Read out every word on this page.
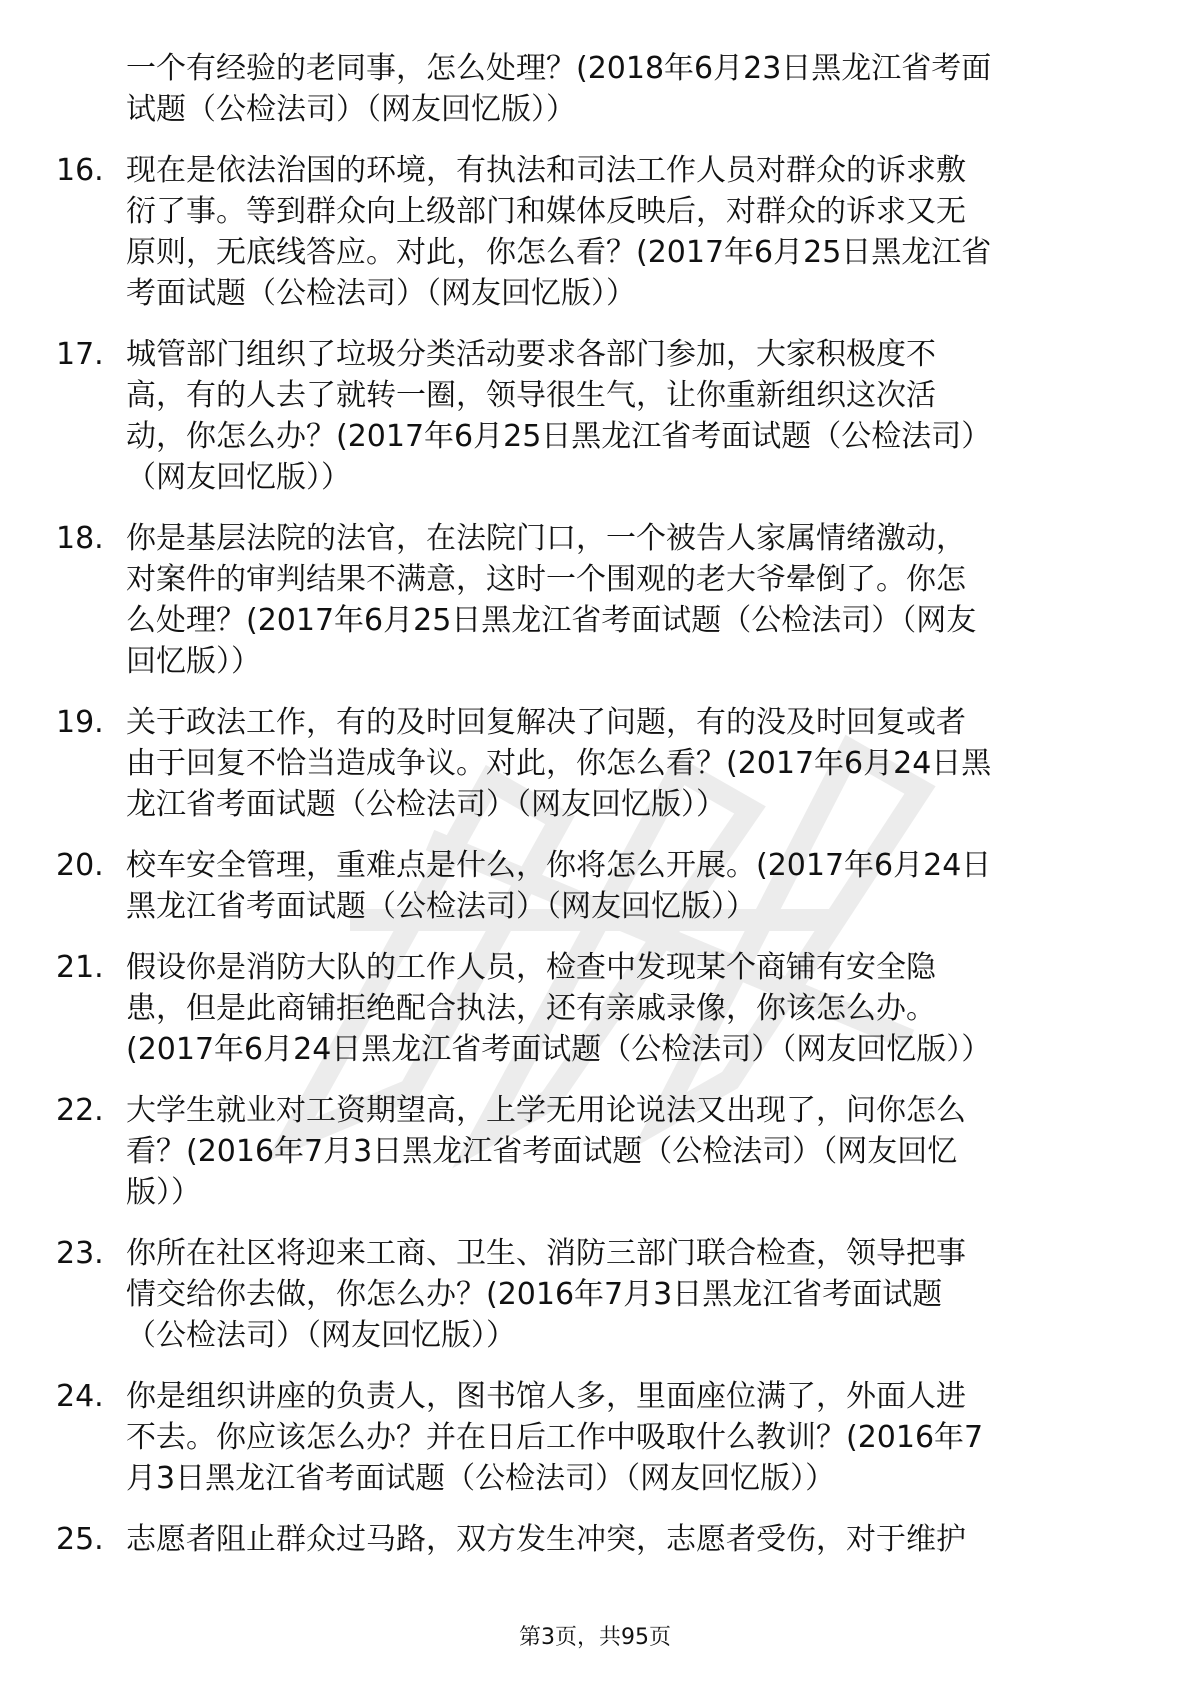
一个有经验的老同事，怎么处理？(2018年6月23日黑龙江省考面
试题（公检法司）（网友回忆版））
16. 现在是依法治国的环境，有执法和司法工作人员对群众的诉求敷
衍了事。等到群众向上级部门和媒体反映后，对群众的诉求又无
原则，无底线答应。对此，你怎么看？(2017年6月25日黑龙江省
考面试题（公检法司）（网友回忆版））
17. 城管部门组织了垃圾分类活动要求各部门参加，大家积极度不
高，有的人去了就转一圈，领导很生气，让你重新组织这次活
动，你怎么办？(2017年6月25日黑龙江省考面试题（公检法司）
（网友回忆版））
18. 你是基层法院的法官，在法院门口，一个被告人家属情绪激动，
对案件的审判结果不满意，这时一个围观的老大爷晕倒了。你怎
么处理？(2017年6月25日黑龙江省考面试题（公检法司）（网友
回忆版））
19. 关于政法工作，有的及时回复解决了问题，有的没及时回复或者
由于回复不恰当造成争议。对此，你怎么看？(2017年6月24日黑
龙江省考面试题（公检法司）（网友回忆版））
20. 校车安全管理，重难点是什么，你将怎么开展。(2017年6月24日
黑龙江省考面试题（公检法司）（网友回忆版））
21. 假设你是消防大队的工作人员，检查中发现某个商铺有安全隐
患，但是此商铺拒绝配合执法，还有亲戚录像，你该怎么办。
(2017年6月24日黑龙江省考面试题（公检法司）（网友回忆版））
22. 大学生就业对工资期望高，上学无用论说法又出现了，问你怎么
看？(2016年7月3日黑龙江省考面试题（公检法司）（网友回忆
版））
23. 你所在社区将迎来工商、卫生、消防三部门联合检查，领导把事
情交给你去做，你怎么办？(2016年7月3日黑龙江省考面试题
（公检法司）（网友回忆版））
24. 你是组织讲座的负责人，图书馆人多，里面座位满了，外面人进
不去。你应该怎么办？并在日后工作中吸取什么教训？(2016年7
月3日黑龙江省考面试题（公检法司）（网友回忆版））
25. 志愿者阻止群众过马路，双方发生冲突，志愿者受伤，对于维护
第3页，共95页
